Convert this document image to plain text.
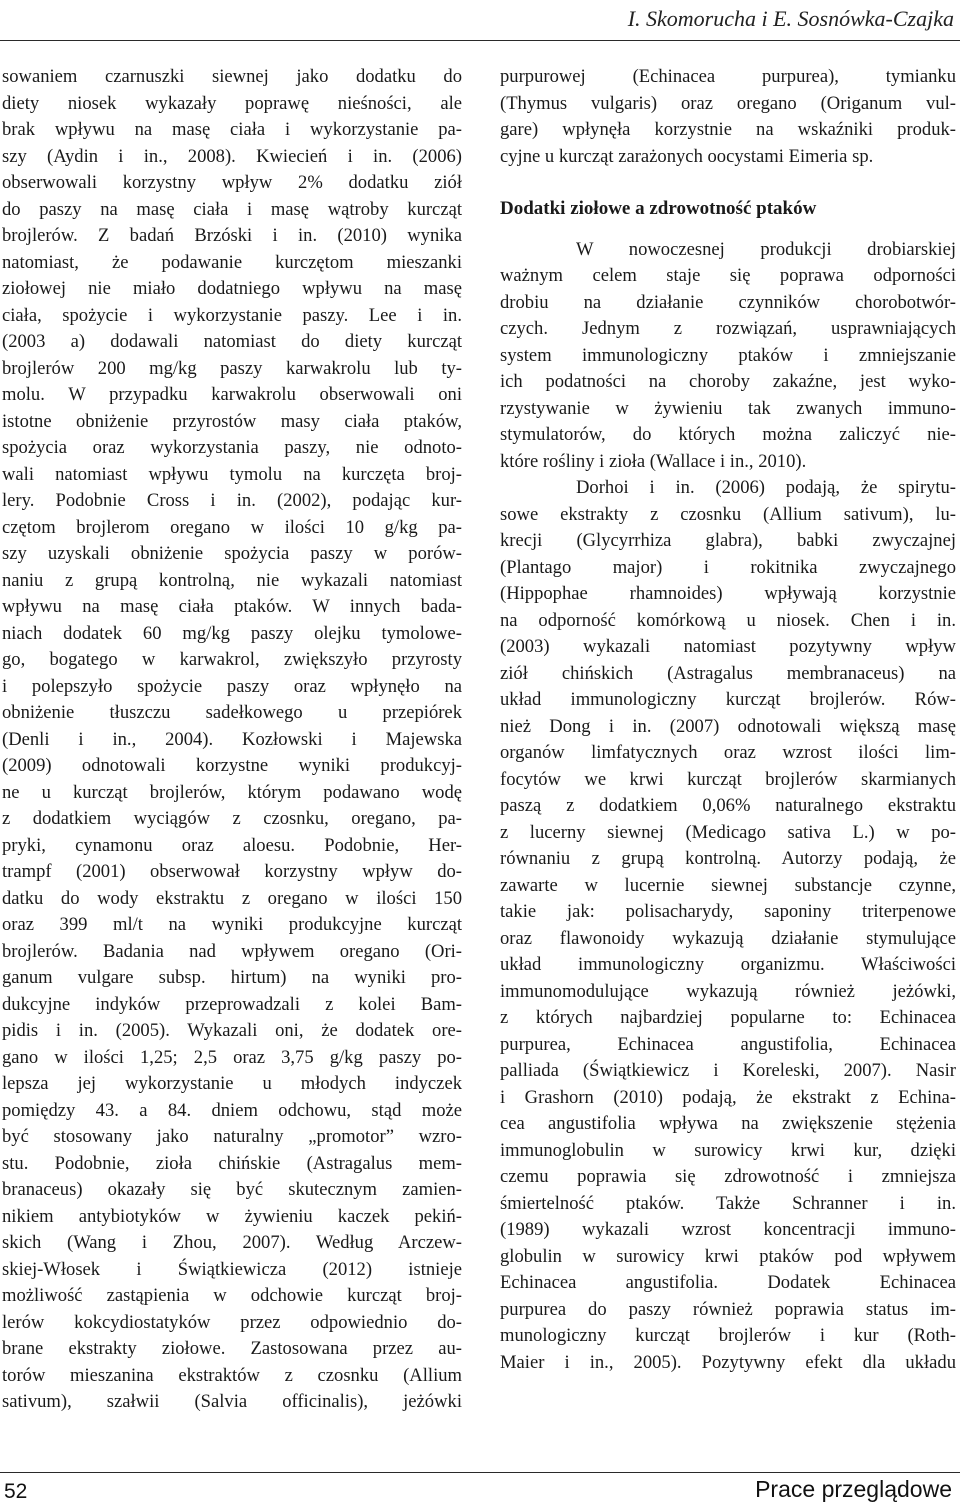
I. Skomorucha i E. Sosnówka-Czajka
sowaniem czarnuszki siewnej jako dodatku do
diety niosek wykazały poprawę nieśności, ale
brak wpływu na masę ciała i wykorzystanie pa-
szy (Aydin i in., 2008). Kwiecień i in. (2006)
obserwowali korzystny wpływ 2% dodatku ziół
do paszy na masę ciała i masę wątroby kurcząt
brojlerów. Z badań Brzóski i in. (2010) wynika
natomiast, że podawanie kurczętom mieszanki
ziołowej nie miało dodatniego wpływu na masę
ciała, spożycie i wykorzystanie paszy. Lee i in.
(2003 a) dodawali natomiast do diety kurcząt
brojlerów 200 mg/kg paszy karwakrolu lub ty-
molu. W przypadku karwakrolu obserwowali oni
istotne obniżenie przyrostów masy ciała ptaków,
spożycia oraz wykorzystania paszy, nie odnoto-
wali natomiast wpływu tymolu na kurczęta broj-
lery. Podobnie Cross i in. (2002), podając kur-
czętom brojlerom oregano w ilości 10 g/kg pa-
szy uzyskali obniżenie spożycia paszy w porów-
naniu z grupą kontrolną, nie wykazali natomiast
wpływu na masę ciała ptaków. W innych bada-
niach dodatek 60 mg/kg paszy olejku tymolowe-
go, bogatego w karwakrol, zwiększyło przyrosty
i polepszyło spożycie paszy oraz wpłynęło na
obniżenie tłuszczu sadełkowego u przepiórek
(Denli i in., 2004). Kozłowski i Majewska
(2009) odnotowali korzystne wyniki produkcyj-
ne u kurcząt brojlerów, którym podawano wodę
z dodatkiem wyciągów z czosnku, oregano, pa-
pryki, cynamonu oraz aloesu. Podobnie, Her-
trampf (2001) obserwował korzystny wpływ do-
datku do wody ekstraktu z oregano w ilości 150
oraz 399 ml/t na wyniki produkcyjne kurcząt
brojlerów. Badania nad wpływem oregano (Ori-
ganum vulgare subsp. hirtum) na wyniki pro-
dukcyjne indyków przeprowadzali z kolei Bam-
pidis i in. (2005). Wykazali oni, że dodatek ore-
gano w ilości 1,25; 2,5 oraz 3,75 g/kg paszy po-
lepsza jej wykorzystanie u młodych indyczek
pomiędzy 43. a 84. dniem odchowu, stąd może
być stosowany jako naturalny „promotor” wzro-
stu. Podobnie, zioła chińskie (Astragalus mem-
branaceus) okazały się być skutecznym zamien-
nikiem antybiotyków w żywieniu kaczek pekiń-
skich (Wang i Zhou, 2007). Według Arczew-
skiej-Włosek i Świątkiewicza (2012) istnieje
możliwość zastąpienia w odchowie kurcząt broj-
lerów kokcydiostatyków przez odpowiednio do-
brane ekstrakty ziołowe. Zastosowana przez au-
torów mieszanina ekstraktów z czosnku (Allium
sativum), szałwii (Salvia officinalis), jeżówki
purpurowej (Echinacea purpurea), tymianku
(Thymus vulgaris) oraz oregano (Origanum vul-
gare) wpłynęła korzystnie na wskaźniki produk-
cyjne u kurcząt zarażonych oocystami Eimeria sp.
Dodatki ziołowe a zdrowotność ptaków
W nowoczesnej produkcji drobiarskiej
ważnym celem staje się poprawa odporności
drobiu na działanie czynników chorobotwór-
czych. Jednym z rozwiązań, usprawniających
system immunologiczny ptaków i zmniejszanie
ich podatności na choroby zakaźne, jest wyko-
rzystywanie w żywieniu tak zwanych immuno-
stymulatorów, do których można zaliczyć nie-
które rośliny i zioła (Wallace i in., 2010).
Dorhoi i in. (2006) podają, że spirytu-
sowe ekstrakty z czosnku (Allium sativum), lu-
krecji (Glycyrrhiza glabra), babki zwyczajnej
(Plantago major) i rokitnika zwyczajnego
(Hippophae rhamnoides) wpływają korzystnie
na odporność komórkową u niosek. Chen i in.
(2003) wykazali natomiast pozytywny wpływ
ziół chińskich (Astragalus membranaceus) na
układ immunologiczny kurcząt brojlerów. Rów-
nież Dong i in. (2007) odnotowali większą masę
organów limfatycznych oraz wzrost ilości lim-
focytów we krwi kurcząt brojlerów skarmianych
paszą z dodatkiem 0,06% naturalnego ekstraktu
z lucerny siewnej (Medicago sativa L.) w po-
równaniu z grupą kontrolną. Autorzy podają, że
zawarte w lucernie siewnej substancje czynne,
takie jak: polisacharydy, saponiny triterpenowe
oraz flawonoidy wykazują działanie stymulujące
układ immunologiczny organizmu. Właściwości
immunomodulujące wykazują również jeżówki,
z których najbardziej popularne to: Echinacea
purpurea, Echinacea angustifolia, Echinacea
palliada (Świątkiewicz i Koreleski, 2007). Nasir
i Grashorn (2010) podają, że ekstrakt z Echina-
cea angustifolia wpływa na zwiększenie stężenia
immunoglobulin w surowicy krwi kur, dzięki
czemu poprawia się zdrowotność i zmniejsza
śmiertelność ptaków. Także Schranner i in.
(1989) wykazali wzrost koncentracji immuno-
globulin w surowicy krwi ptaków pod wpływem
Echinacea angustifolia. Dodatek Echinacea
purpurea do paszy również poprawia status im-
munologiczny kurcząt brojlerów i kur (Roth-
Maier i in., 2005). Pozytywny efekt dla układu
52	Prace przeglądowe
